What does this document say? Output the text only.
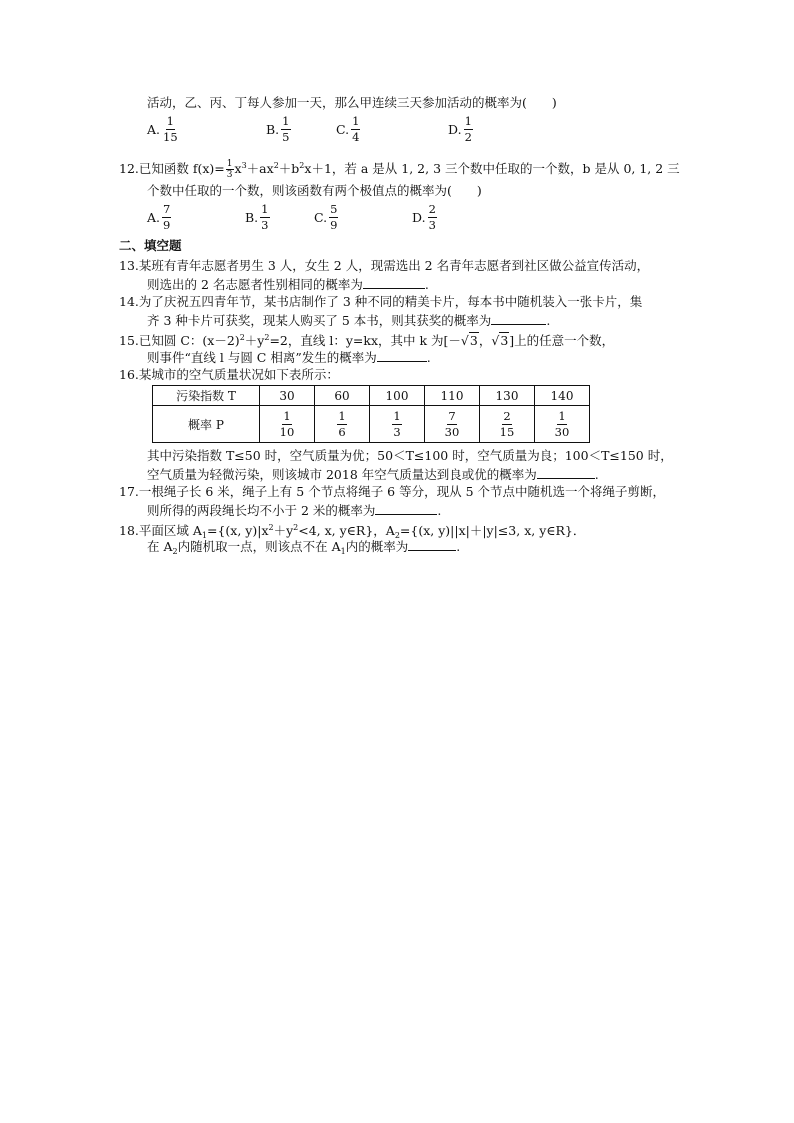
活动，乙、丙、丁每人参加一天，那么甲连续三天参加活动的概率为(　　)
A. $\frac{1}{15}$	B. $\frac{1}{5}$	C. $\frac{1}{4}$	D. $\frac{1}{2}$
12.已知函数 $f(x)= \frac{1}{3} x^3+ax^2+b^2x+1$，若 a 是从 1, 2, 3 三个数中任取的一个数，b 是从 0, 1, 2 三
个数中任取的一个数，则该函数有两个极值点的概率为(　　)
A. $\frac{7}{9}$	B. $\frac{1}{3}$	C. $\frac{5}{9}$	D. $\frac{2}{3}$
二、填空题
13.某班有青年志愿者男生 3 人，女生 2 人，现需选出 2 名青年志愿者到社区做公益宣传活动，
则选出的 2 名志愿者性别相同的概率为	.
14.为了庆祝五四青年节，某书店制作了 3 种不同的精美卡片，每本书中随机装入一张卡片，集
齐 3 种卡片可获奖，现某人购买了 5 本书，则其获奖的概率为	.
15.已知圆 C：$(x-2)^2+y^2=2$，直线 l：y=kx，其中 k 为[－√3，√3]上的任意一个数，
则事件“直线 l 与圆 C 相离”发生的概率为	.
16.某城市的空气质量状况如下表所示：
污染指数 T	30	60	100	110	130	140
概率 P	$\frac{1}{10}$	$\frac{1}{6}$	$\frac{1}{3}$	$\frac{7}{30}$	$\frac{2}{15}$	$\frac{1}{30}$
其中污染指数 T≤50 时，空气质量为优；50＜T≤100 时，空气质量为良；100＜T≤150 时，
空气质量为轻微污染，则该城市 2018 年空气质量达到良或优的概率为	.
17.一根绳子长 6 米，绳子上有 5 个节点将绳子 6 等分，现从 5 个节点中随机选一个将绳子剪断，
则所得的两段绳长均不小于 2 米的概率为	.
18.平面区域 $A_1=\{(x$, $y)|x^2+y^2<4$, x, y∈R}，$A_2=\{(x$, y)||x|＋|y|≤3, x, y∈R}．
在 $A_2$内随机取一点，则该点不在 $A_1$内的概率为	.
